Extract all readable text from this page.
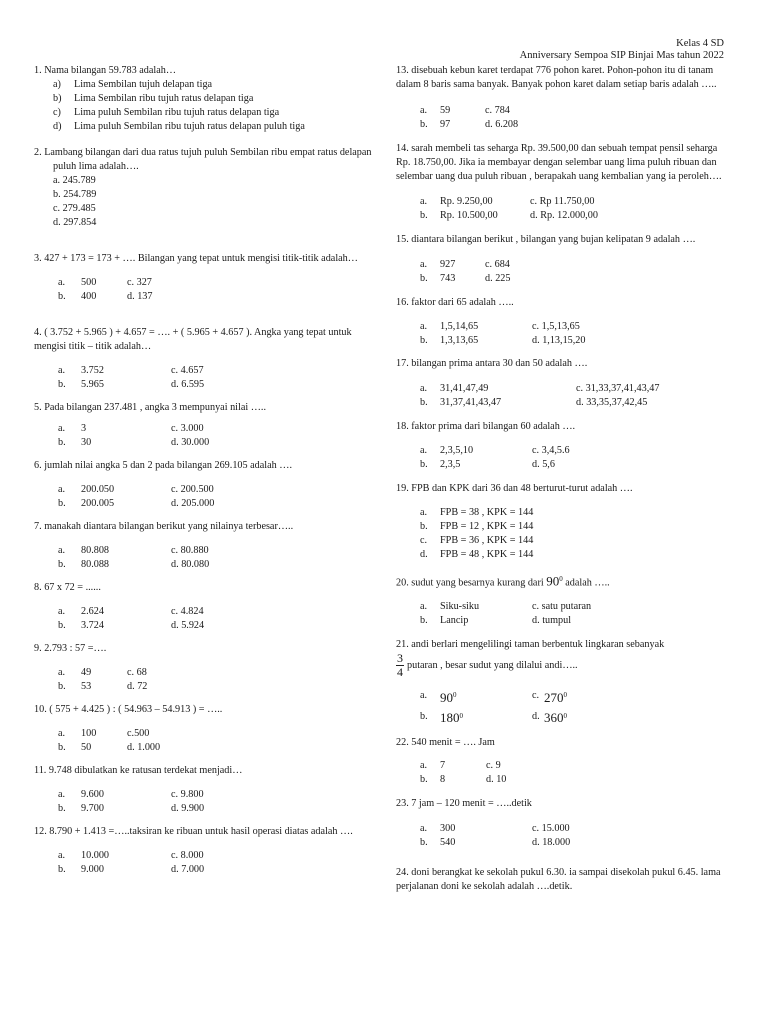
Kelas 4 SD
Anniversary Sempoa SIP Binjai Mas tahun 2022

1. Nama bilangan 59.783 adalah…

a)	Lima Sembilan tujuh delapan tiga
b)	Lima Sembilan ribu tujuh ratus delapan tiga
c)	Lima puluh Sembilan ribu tujuh ratus delapan tiga
d)	Lima puluh Sembilan ribu tujuh ratus delapan puluh tiga

2. Lambang bilangan dari dua ratus tujuh puluh Sembilan ribu empat ratus delapan puluh lima adalah….

a. 245.789
b. 254.789
c. 279.485
d. 297.854

3. 427 + 173 = 173 + …. Bilangan yang tepat untuk mengisi titik-titik adalah…

a.	500	c. 327
b.	400	d. 137

4. ( 3.752 + 5.965 ) + 4.657 = …. + ( 5.965 + 4.657 ). Angka yang tepat untuk mengisi titik – titik adalah…

a.	3.752	c. 4.657
b.	5.965	d. 6.595

5. Pada bilangan 237.481 , angka 3 mempunyai nilai …..

a.	3	c. 3.000
b.	30	d. 30.000

6. jumlah nilai angka 5 dan 2 pada bilangan 269.105 adalah ….

a.	200.050	c. 200.500
b.	200.005	d. 205.000

7. manakah diantara bilangan berikut yang nilainya terbesar…..

a.	80.808	c. 80.880
b.	80.088	d. 80.080

8. 67 x 72 = ......

a.	2.624	c. 4.824
b.	3.724	d. 5.924

9. 2.793 : 57 =….

a.	49	c. 68
b.	53	d. 72

10. ( 575 + 4.425 ) : ( 54.963 – 54.913 ) = …..

a.	100	c.500
b.	50	d. 1.000

11. 9.748 dibulatkan ke ratusan terdekat menjadi…

a.	9.600	c. 9.800
b.	9.700	d. 9.900

12. 8.790 + 1.413 =…..taksiran ke ribuan untuk hasil operasi diatas adalah ….

a.	10.000	c. 8.000
b.	9.000	d. 7.000

13. disebuah kebun karet terdapat 776 pohon karet. Pohon-pohon itu di tanam dalam 8 baris sama banyak. Banyak pohon karet dalam setiap baris adalah …..

a.	59	c. 784
b.	97	d. 6.208

14. sarah membeli tas seharga Rp. 39.500,00 dan sebuah tempat pensil seharga Rp. 18.750,00. Jika ia membayar dengan selembar uang lima puluh ribuan dan selembar uang dua puluh ribuan , berapakah uang kembalian yang ia peroleh….

a.	Rp. 9.250,00	c. Rp 11.750,00
b.	Rp. 10.500,00	d. Rp. 12.000,00

15. diantara bilangan berikut , bilangan yang bujan kelipatan 9 adalah ….

a.	927	c. 684
b.	743	d. 225

16. faktor dari 65 adalah …..

a.	1,5,14,65	c. 1,5,13,65
b.	1,3,13,65	d. 1,13,15,20

17. bilangan prima antara 30 dan 50 adalah ….

a.	31,41,47,49	c. 31,33,37,41,43,47
b.	31,37,41,43,47	d. 33,35,37,42,45

18. faktor prima dari bilangan 60 adalah ….

a.	2,3,5,10	c. 3,4,5.6
b.	2,3,5	d. 5,6

19. FPB dan KPK dari 36 dan 48 berturut-turut adalah ….

a.	FPB = 38 , KPK = 144
b.	FPB = 12 , KPK = 144
c.	FPB = 36 , KPK = 144
d.	FPB = 48 , KPK = 144

20. sudut yang besarnya kurang dari $90^0$ adalah …..

a.	Siku-siku	c. satu putaran
b.	Lancip	d. tumpul

21. andi berlari mengelilingi taman berbentuk lingkaran sebanyak

$\frac{3}{4}$ putaran , besar sudut yang dilalui andi…..
a. 900	c. 2700
b. 1800	d. 3600

22. 540 menit = …. Jam

a.	7	c. 9
b.	8	d. 10

23. 7 jam – 120 menit = …..detik

a.	300	c. 15.000
b.	540	d. 18.000

24. doni berangkat ke sekolah pukul 6.30. ia sampai disekolah pukul 6.45. lama perjalanan doni ke sekolah adalah ….detik.
